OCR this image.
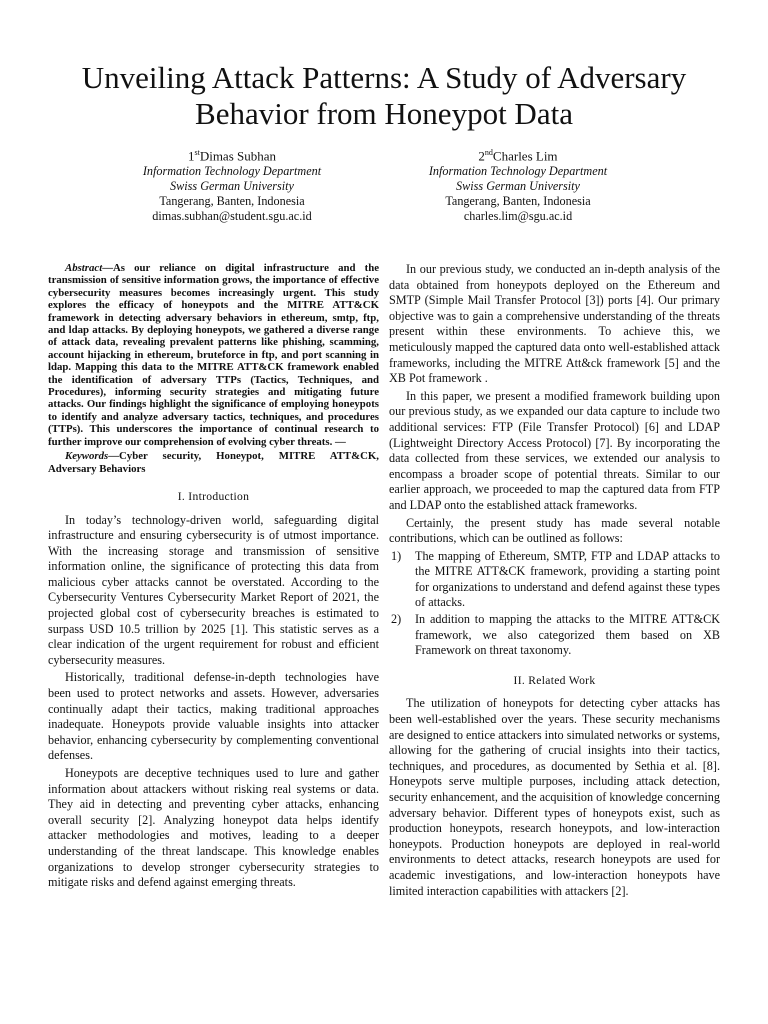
Unveiling Attack Patterns: A Study of Adversary Behavior from Honeypot Data
1stDimas Subhan
Information Technology Department
Swiss German University
Tangerang, Banten, Indonesia
dimas.subhan@student.sgu.ac.id
2ndCharles Lim
Information Technology Department
Swiss German University
Tangerang, Banten, Indonesia
charles.lim@sgu.ac.id

Abstract—As our reliance on digital infrastructure and the transmission of sensitive information grows, the importance of effective cybersecurity measures becomes increasingly urgent. This study explores the efficacy of honeypots and the MITRE ATT&CK framework in detecting adversary behaviors in ethereum, smtp, ftp, and ldap attacks. By deploying honeypots, we gathered a diverse range of attack data, revealing prevalent patterns like phishing, scamming, account hijacking in ethereum, bruteforce in ftp, and port scanning in ldap. Mapping this data to the MITRE ATT&CK framework enabled the identification of adversary TTPs (Tactics, Techniques, and Procedures), informing security strategies and mitigating future attacks. Our findings highlight the significance of employing honeypots to identify and analyze adversary tactics, techniques, and procedures (TTPs). This underscores the importance of continual research to further improve our comprehension of evolving cyber threats. —

Keywords—Cyber security, Honeypot, MITRE ATT&CK, Adversary Behaviors

I. Introduction

In today’s technology-driven world, safeguarding digital infrastructure and ensuring cybersecurity is of utmost importance. With the increasing storage and transmission of sensitive information online, the significance of protecting this data from malicious cyber attacks cannot be overstated. According to the Cybersecurity Ventures Cybersecurity Market Report of 2021, the projected global cost of cybersecurity breaches is estimated to surpass USD 10.5 trillion by 2025 [1]. This statistic serves as a clear indication of the urgent requirement for robust and efficient cybersecurity measures.

Historically, traditional defense-in-depth technologies have been used to protect networks and assets. However, adversaries continually adapt their tactics, making traditional approaches inadequate. Honeypots provide valuable insights into attacker behavior, enhancing cybersecurity by complementing conventional defenses.

Honeypots are deceptive techniques used to lure and gather information about attackers without risking real systems or data. They aid in detecting and preventing cyber attacks, enhancing overall security [2]. Analyzing honeypot data helps identify attacker methodologies and motives, leading to a deeper understanding of the threat landscape. This knowledge enables organizations to develop stronger cybersecurity strategies to mitigate risks and defend against emerging threats.

In our previous study, we conducted an in-depth analysis of the data obtained from honeypots deployed on the Ethereum and SMTP (Simple Mail Transfer Protocol [3]) ports [4]. Our primary objective was to gain a comprehensive understanding of the threats present within these environments. To achieve this, we meticulously mapped the captured data onto well-established attack frameworks, including the MITRE Att&ck framework [5] and the XB Pot framework .

In this paper, we present a modified framework building upon our previous study, as we expanded our data capture to include two additional services: FTP (File Transfer Protocol) [6] and LDAP (Lightweight Directory Access Protocol) [7]. By incorporating the data collected from these services, we extended our analysis to encompass a broader scope of potential threats. Similar to our earlier approach, we proceeded to map the captured data from FTP and LDAP onto the established attack frameworks.

Certainly, the present study has made several notable contributions, which can be outlined as follows:

1) The mapping of Ethereum, SMTP, FTP and LDAP attacks to the MITRE ATT&CK framework, providing a starting point for organizations to understand and defend against these types of attacks.
2) In addition to mapping the attacks to the MITRE ATT&CK framework, we also categorized them based on XB Framework on threat taxonomy.
II. Related Work

The utilization of honeypots for detecting cyber attacks has been well-established over the years. These security mechanisms are designed to entice attackers into simulated networks or systems, allowing for the gathering of crucial insights into their tactics, techniques, and procedures, as documented by Sethia et al. [8]. Honeypots serve multiple purposes, including attack detection, security enhancement, and the acquisition of knowledge concerning adversary behavior. Different types of honeypots exist, such as production honeypots, research honeypots, and low-interaction honeypots. Production honeypots are deployed in real-world environments to detect attacks, research honeypots are used for academic investigations, and low-interaction honeypots have limited interaction capabilities with attackers [2].
